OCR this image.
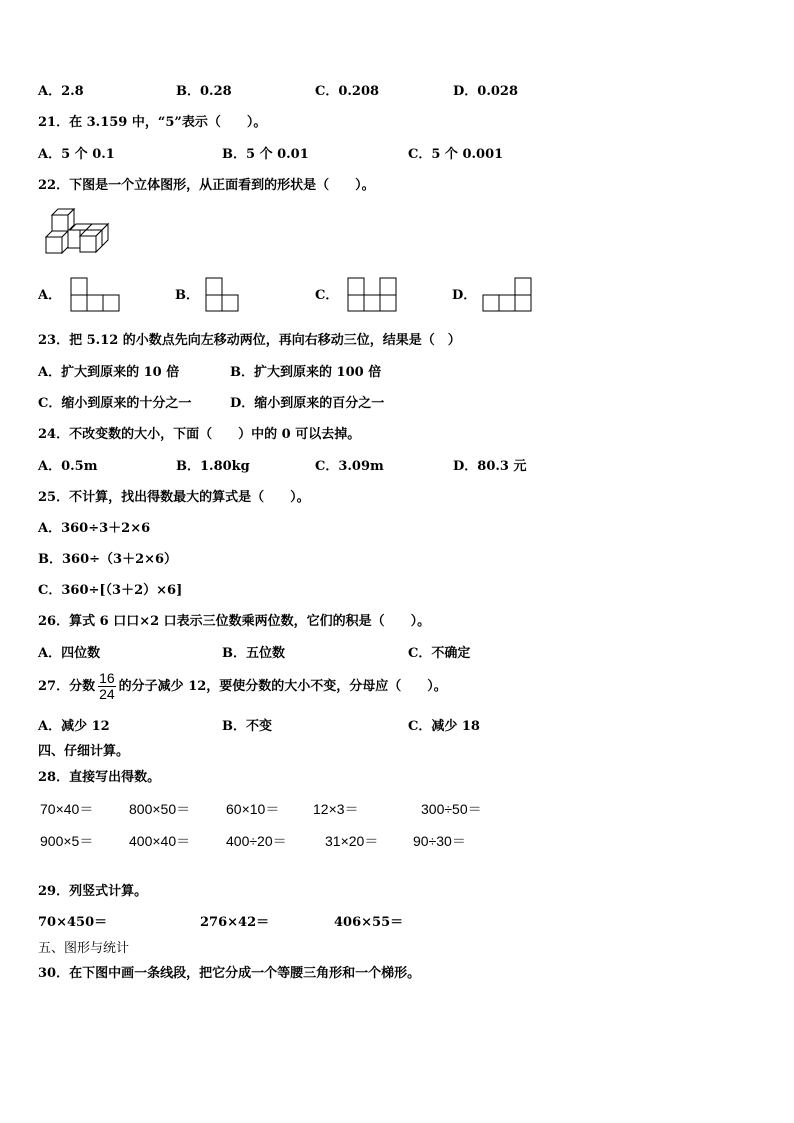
A．2.8	B．0.28	C．0.208	D．0.028
21．在 3.159 中，“5”表示（　　）。
A．5 个 0.1	B．5 个 0.01	C．5 个 0.001
22．下图是一个立体图形，从正面看到的形状是（　　）。
A．	B．	C．	D．
23．把 5.12 的小数点先向左移动两位，再向右移动三位，结果是（　）
A．扩大到原来的 10 倍	B．扩大到原来的 100 倍
C．缩小到原来的十分之一	D．缩小到原来的百分之一
24．不改变数的大小，下面（　　）中的 0 可以去掉。
A．0.5m	B．1.80kg	C．3.09m	D．80.3 元
25．不计算，找出得数最大的算式是（　　）。
A．360÷3＋2×6
B．360÷（3＋2×6）
C．360÷[（3＋2）×6]
26．算式 6 口口×2 口表示三位数乘两位数，它们的积是（　　）。
A．四位数	B．五位数	C．不确定
27．分数 $\frac{16}{24}$ 的分子减少 12，要使分数的大小不变，分母应（　　）。
A．减少 12	B．不变	C．减少 18
四、仔细计算。
28．直接写出得数。
70×40＝	800×50＝	60×10＝ 12×3＝	300÷50＝
900×5＝	400×40＝	400÷20＝	31×20＝ 90÷30＝
29．列竖式计算。
70×450＝	276×42＝	406×55＝
五、图形与统计
30．在下图中画一条线段，把它分成一个等腰三角形和一个梯形。
